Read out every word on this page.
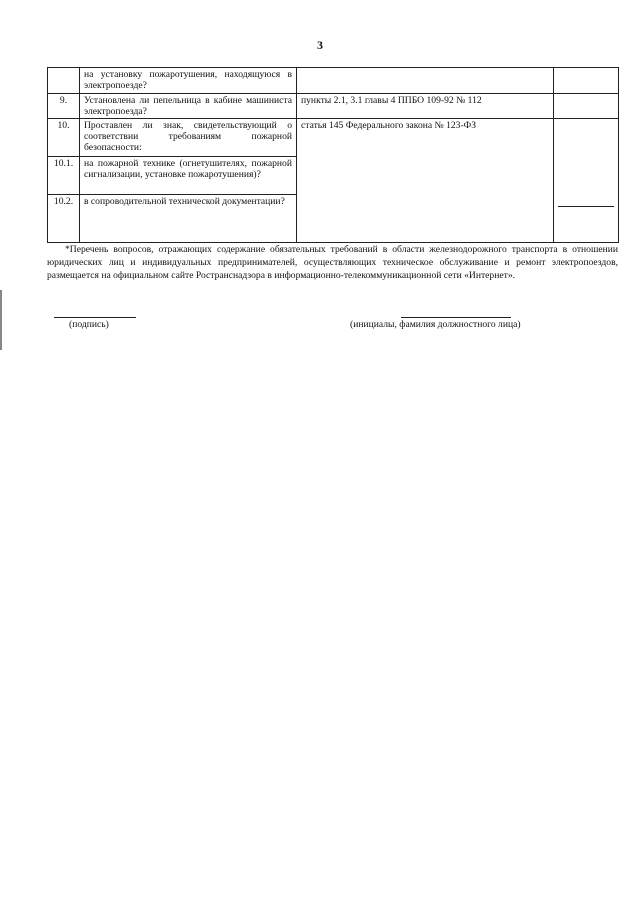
3

	на установку пожаротушения, находящуюся в электропоезде?		

9.	Установлена ли пепельница в кабине машиниста электропоезда?	пункты 2.1, 3.1 главы 4 ППБО 109-92 № 112	
10.	Проставлен ли знак, свидетельствующий о соответствии требованиям пожарной безопасности:	статья 145 Федерального закона № 123-ФЗ	

10.1.	на пожарной технике (огнетушителях, пожарной сигнализации, установке пожаротушения)?		

10.2.	в сопроводительной технической документации?		
*Перечень вопросов, отражающих содержание обязательных требований в области железнодорожного транспорта в отношении юридических лиц и индивидуальных предпринимателей, осуществляющих техническое обслуживание и ремонт электропоездов, размещается на официальном сайте Ространснадзора в информационно-телекоммуникационной сети «Интернет».
(подпись)	(инициалы, фамилия должностного лица)
